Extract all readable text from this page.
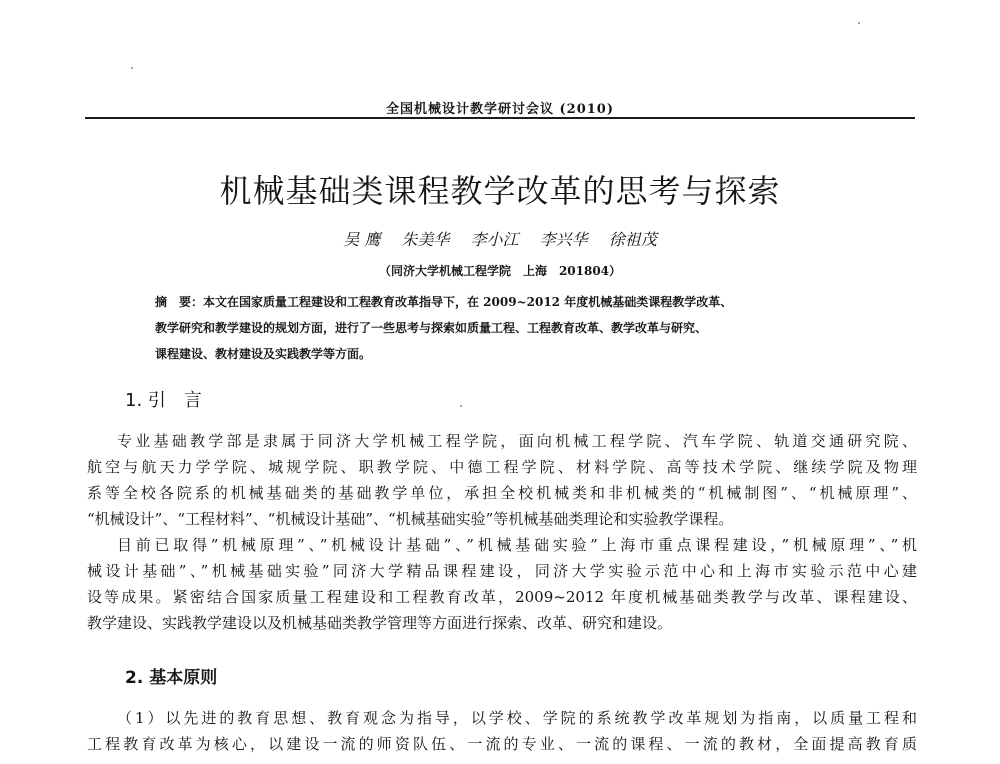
全国机械设计教学研讨会议 (2010)
机械基础类课程教学改革的思考与探索
吴 鹰 朱美华 李小江 李兴华 徐祖茂
（同济大学机械工程学院　上海　201804）
摘　要：本文在国家质量工程建设和工程教育改革指导下，在 2009~2012 年度机械基础类课程教学改革、
教学研究和教学建设的规划方面，进行了一些思考与探索如质量工程、工程教育改革、教学改革与研究、
课程建设、教材建设及实践教学等方面。
1. 引　言
专业基础教学部是隶属于同济大学机械工程学院，面向机械工程学院、汽车学院、轨道交通研究院、
航空与航天力学学院、城规学院、职教学院、中德工程学院、材料学院、高等技术学院、继续学院及物理
系等全校各院系的机械基础类的基础教学单位，承担全校机械类和非机械类的“机械制图”、“机械原理”、
“机械设计”、“工程材料”、“机械设计基础”、“机械基础实验”等机械基础类理论和实验教学课程。
目前已取得”机械原理”、”机械设计基础”、”机械基础实验”上海市重点课程建设，”机械原理”、”机
械设计基础”、”机械基础实验”同济大学精品课程建设，同济大学实验示范中心和上海市实验示范中心建
设等成果。紧密结合国家质量工程建设和工程教育改革，2009~2012 年度机械基础类教学与改革、课程建设、
教学建设、实践教学建设以及机械基础类教学管理等方面进行探索、改革、研究和建设。
2. 基本原则
（1）以先进的教育思想、教育观念为指导，以学校、学院的系统教学改革规划为指南，以质量工程和
工程教育改革为核心，以建设一流的师资队伍、一流的专业、一流的课程、一流的教材，全面提高教育质
